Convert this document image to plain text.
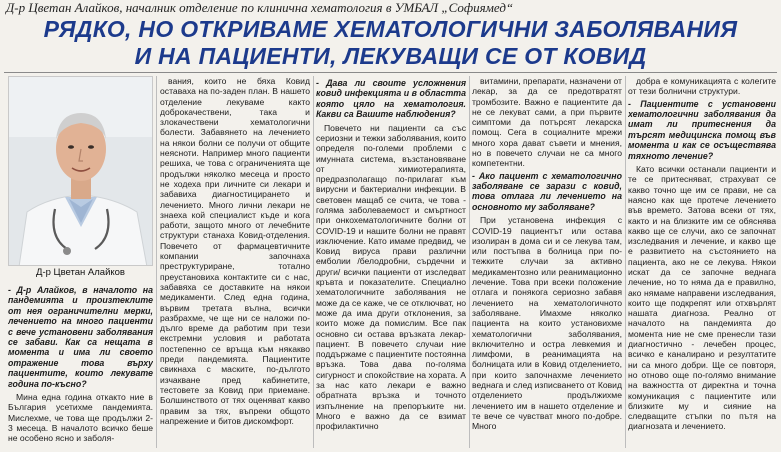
Д-р Цветан Алайков, началник отделение по клинична хематология в УМБАЛ „Софиямед“
РЯДКО, НО ОТКРИВАМЕ ХЕМАТОЛОГИЧНИ ЗАБОЛЯВАНИЯ
И НА ПАЦИЕНТИ, ЛЕКУВАЩИ СЕ ОТ КОВИД
Д-р Цветан Алайков

- Д-р Алайков, в началото на пандемията и произтеклите от нея ограничителни мерки, лечението на много пациенти с вече установени заболявания се забави. Как са нещата в момента и има ли своето отражение това върху пациентите, които лекувате година по-късно?

Мина една година откакто ние в България усетихме пандемията. Мислехме, че това ще продължи 2-3 месеца. В началото всичко беше не особено ясно и заболя-

вания, които не бяха Ковид оставаха на по-заден план. В нашето отделение лекуваме както доброкачествени, така и злокачествени хематологични болести. Забавянето на лечението на някои болни се получи от общите неясноти. Например много пациенти решиха, че това с ограниченията ще продължи няколко месеца и просто не ходеха при личните си лекари и забавиха диагностицирането и лечението. Много лични лекари не знаеха кой специалист къде и кога работи, защото много от лечебните структури станаха Ковид-отделения. Повечето от фармацевтичните компании започнаха преструктуриране, тотално преустановиха контактите си с нас, забавяха се доставките на някои медикаменти. След една година, вървим третата вълна, всички разбрахме, че ще ни се наложи по-дълго време да работим при тези екстремни условия и работата постепенно се връща към някакво преди пандемията. Пациентите свикнаха с маските, по-дългото изчакване пред кабинетите, тестовете за Ковид при приемане. Болшинството от тях оценяват какво правим за тях, въпреки общото напрежение и битов дискомфорт.

- Дава ли своите усложнения ковид инфекцията и в областта която цяло на хематология. Какви са Вашите наблюдения?

Повечето ни пациенти са със сериозни и тежки заболявания, които определя по-големи проблеми с имунната система, възстановяване от химиотерапията, предразполагащо по-прилагат към вирусни и бактериални инфекции. В световен мащаб се счита, че това - голяма заболеваемост и смъртност при онкохематологичните болни от COVID-19 и нашите болни не правят изключение. Като имаме предвид, че Ковид вируса прави различни емболии /белодробни, сърдечни и други/ всички пациенти от изследват кръвта и показателите. Специално хематологичните заболявания не може да се каже, че се отключват, но може да има други отклонения, за които може да помислим. Все пак основно си остава връзката лекар-пациент. В повечето случаи ние поддържаме с пациентите постоянна връзка. Това дава по-голяма сигурност и спокойствие на хората. А за нас като лекари е важно обратната връзка и точното изпълнение на препоръките ни. Много е важно да се взимат профилактично

витамини, препарати, назначени от лекар, за да се предотвратят тромбозите. Важно е пациентите да не се лекуват сами, а при първите симптоми да потърсят лекарска помощ. Сега в социалните мрежи много хора дават съвети и мнения, но в повечето случаи не са много компетентни.

- Ако пациент с хематологично заболяване се зарази с ковид, това отлага ли лечението на основното му заболяване?

При установена инфекция с COVID-19 пациентът или остава изолиран в дома си и се лекува там, или постъпва в болница при по-тежките случаи за активно медикаментозно или реанимационно лечение. Това при всеки положение отлага и понякога сериозно забавя лечението на хематологичното заболяване. Имахме няколко пациента на които установихме хематологични заболявания, включително и остра левкемия и лимфоми, в реанимацията на болницата или в Ковид отделението, при които започнахме лечението веднага и след изписването от Ковид отделението продължихме лечението им в нашето отделение и те вече се чувстват много по-добре. Много

добра е комуникацията с колегите от тези болнични структури.

- Пациентите с установени хематологични заболявания да имат ли притеснения да търсят медицинска помощ във момента и как се осъществява тяхното лечение?

Като всички останали пациенти и те се притесняват, страхуват се какво точно ще им се прави, не са наясно как ще протече лечението във времето. Затова всеки от тях, както и на близките им се обяснява какво ще се случи, ако се започнат изследвания и лечение, и какво ще е развитието на състоянието на пациента, ако не се лекува. Някои искат да се започне веднага лечение, но то няма да е правилно, ако нямаме направени изследвания, които ще подкрепят или отхвърлят нашата диагноза. Реално от началото на пандемията до момента ние не сме пренесли тази диагностично - лечебен процес, всичко е каналирано и резултатите ни са много добри. Ще се повторя, но отново още по-голямо внимание на важността от директна и точна комуникация с пациентите или близките му и сияние на следващите стъпки по пътя на диагнозата и лечението.
